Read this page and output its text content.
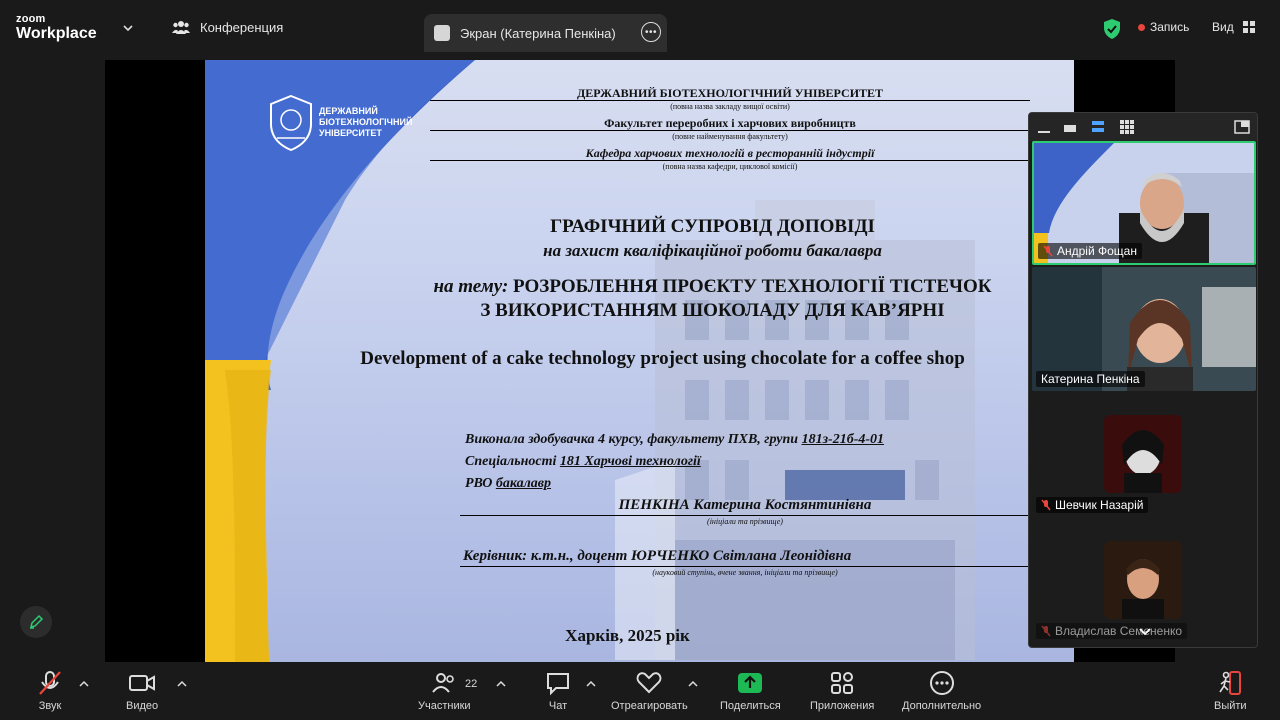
zoom
Workplace	Конференция	Экран (Катерина Пенкіна)	•••	Запись Вид
ДЕРЖАВНИЙ
БІОТЕХНОЛОГІЧНИЙ
УНІВЕРСИТЕТ
ДЕРЖАВНИЙ БІОТЕХНОЛОГІЧНИЙ УНІВЕРСИТЕТ
(повна назва закладу вищої освіти)
Факультет переробних і харчових виробництв
(повне найменування факультету)
Кафедра харчових технологій в ресторанній індустрії
(повна назва кафедри, циклової комісії)
ГРАФІЧНИЙ СУПРОВІД ДОПОВІДІ
на захист кваліфікаційної роботи бакалавра
на тему: РОЗРОБЛЕННЯ ПРОЄКТУ ТЕХНОЛОГІЇ ТІСТЕЧОК
З ВИКОРИСТАННЯМ ШОКОЛАДУ ДЛЯ КАВ’ЯРНІ
Development of a cake technology project using chocolate for a coffee shop
Виконала здобувачка 4 курсу, факультету ПХВ, групи 181з-21б-4-01
Спеціальності 181 Харчові технології
РВО бакалавр
ПЕНКІНА Катерина Костянтинівна
(ініціали та прізвище)
Керівник: к.т.н., доцент ЮРЧЕНКО Світлана Леонідівна
(науковий ступінь, вчене звання, ініціали та прізвище)
Харків, 2025 рік
Андрій Фощан
Катерина Пенкіна
Шевчик Назарій
Владислав Семененко
Звук	Видео	Участники
22
Чат	Отреагировать	Поделиться	Приложения	Дополнительно	Выйти
